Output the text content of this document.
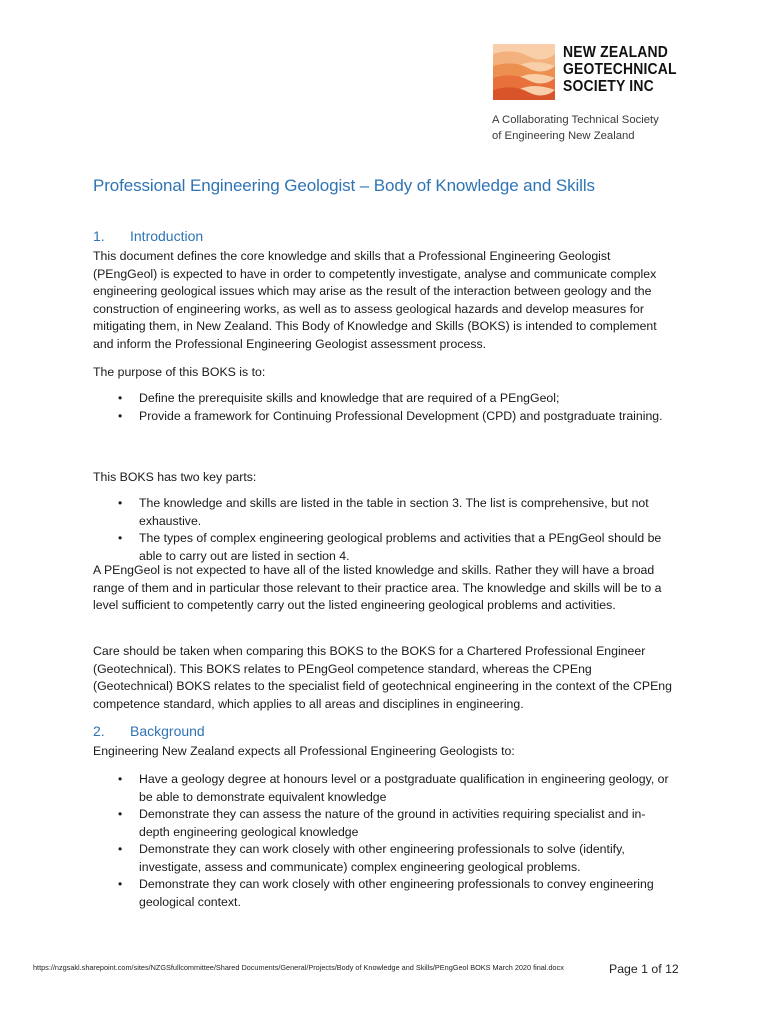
NEW ZEALAND
GEOTECHNICAL
SOCIETY INC
A Collaborating Technical Society
of Engineering New Zealand
Professional Engineering Geologist – Body of Knowledge and Skills
1. Introduction

This document defines the core knowledge and skills that a Professional Engineering Geologist (PEngGeol) is expected to have in order to competently investigate, analyse and communicate complex engineering geological issues which may arise as the result of the interaction between geology and the construction of engineering works, as well as to assess geological hazards and develop measures for mitigating them, in New Zealand. This Body of Knowledge and Skills (BOKS) is intended to complement and inform the Professional Engineering Geologist assessment process.

The purpose of this BOKS is to:

• Define the prerequisite skills and knowledge that are required of a PEngGeol;
• Provide a framework for Continuing Professional Development (CPD) and postgraduate training.

This BOKS has two key parts:

• The knowledge and skills are listed in the table in section 3. The list is comprehensive, but not exhaustive.
• The types of complex engineering geological problems and activities that a PEngGeol should be able to carry out are listed in section 4.

A PEngGeol is not expected to have all of the listed knowledge and skills. Rather they will have a broad range of them and in particular those relevant to their practice area. The knowledge and skills will be to a level sufficient to competently carry out the listed engineering geological problems and activities.

Care should be taken when comparing this BOKS to the BOKS for a Chartered Professional Engineer (Geotechnical). This BOKS relates to PEngGeol competence standard, whereas the CPEng (Geotechnical) BOKS relates to the specialist field of geotechnical engineering in the context of the CPEng competence standard, which applies to all areas and disciplines in engineering.

2. Background

Engineering New Zealand expects all Professional Engineering Geologists to:

• Have a geology degree at honours level or a postgraduate qualification in engineering geology, or be able to demonstrate equivalent knowledge
• Demonstrate they can assess the nature of the ground in activities requiring specialist and in-depth engineering geological knowledge
• Demonstrate they can work closely with other engineering professionals to solve (identify, investigate, assess and communicate) complex engineering geological problems.
• Demonstrate they can work closely with other engineering professionals to convey engineering geological context.
https://nzgsakl.sharepoint.com/sites/NZGSfullcommittee/Shared Documents/General/Projects/Body of Knowledge and Skills/PEngGeol BOKS March 2020 final.docx	Page 1 of 12
